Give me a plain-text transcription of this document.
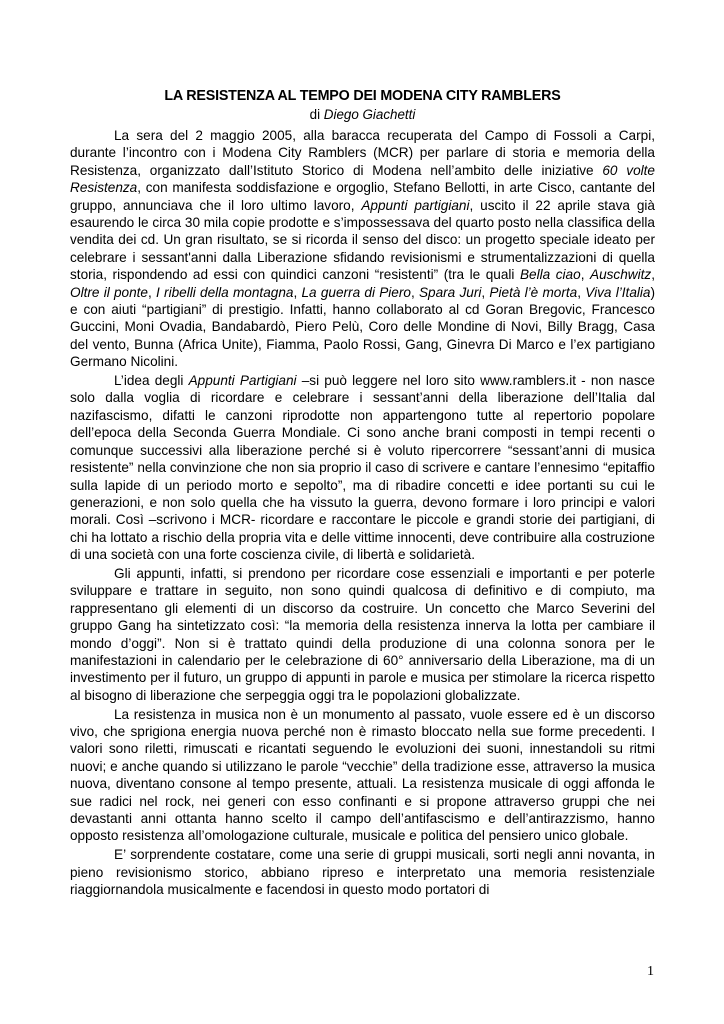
LA RESISTENZA AL TEMPO DEI MODENA CITY RAMBLERS
di Diego Giachetti

La sera del 2 maggio 2005, alla baracca recuperata del Campo di Fossoli a Carpi, durante l’incontro con i Modena City Ramblers (MCR) per parlare di storia e memoria della Resistenza, organizzato dall’Istituto Storico di Modena nell’ambito delle iniziative 60 volte Resistenza, con manifesta soddisfazione e orgoglio, Stefano Bellotti, in arte Cisco, cantante del gruppo, annunciava che il loro ultimo lavoro, Appunti partigiani, uscito il 22 aprile stava già esaurendo le circa 30 mila copie prodotte e s’impossessava del quarto posto nella classifica della vendita dei cd. Un gran risultato, se si ricorda il senso del disco: un progetto speciale ideato per celebrare i sessant'anni dalla Liberazione sfidando revisionismi e strumentalizzazioni di quella storia, rispondendo ad essi con quindici canzoni “resistenti” (tra le quali Bella ciao, Auschwitz, Oltre il ponte, I ribelli della montagna, La guerra di Piero, Spara Juri, Pietà l’è morta, Viva l’Italia) e con aiuti “partigiani” di prestigio. Infatti, hanno collaborato al cd Goran Bregovic, Francesco Guccini, Moni Ovadia, Bandabardò, Piero Pelù, Coro delle Mondine di Novi, Billy Bragg, Casa del vento, Bunna (Africa Unite), Fiamma, Paolo Rossi, Gang, Ginevra Di Marco e l’ex partigiano Germano Nicolini.

L’idea degli Appunti Partigiani –si può leggere nel loro sito www.ramblers.it - non nasce solo dalla voglia di ricordare e celebrare i sessant’anni della liberazione dell’Italia dal nazifascismo, difatti le canzoni riprodotte non appartengono tutte al repertorio popolare dell’epoca della Seconda Guerra Mondiale. Ci sono anche brani composti in tempi recenti o comunque successivi alla liberazione perché si è voluto ripercorrere “sessant’anni di musica resistente” nella convinzione che non sia proprio il caso di scrivere e cantare l’ennesimo “epitaffio sulla lapide di un periodo morto e sepolto”, ma di ribadire concetti e idee portanti su cui le generazioni, e non solo quella che ha vissuto la guerra, devono formare i loro principi e valori morali. Così –scrivono i MCR- ricordare e raccontare le piccole e grandi storie dei partigiani, di chi ha lottato a rischio della propria vita e delle vittime innocenti, deve contribuire alla costruzione di una società con una forte coscienza civile, di libertà e solidarietà.

Gli appunti, infatti, si prendono per ricordare cose essenziali e importanti e per poterle sviluppare e trattare in seguito, non sono quindi qualcosa di definitivo e di compiuto, ma rappresentano gli elementi di un discorso da costruire. Un concetto che Marco Severini del gruppo Gang ha sintetizzato così: “la memoria della resistenza innerva la lotta per cambiare il mondo d’oggi”. Non si è trattato quindi della produzione di una colonna sonora per le manifestazioni in calendario per le celebrazione di 60° anniversario della Liberazione, ma di un investimento per il futuro, un gruppo di appunti in parole e musica per stimolare la ricerca rispetto al bisogno di liberazione che serpeggia oggi tra le popolazioni globalizzate.

La resistenza in musica non è un monumento al passato, vuole essere ed è un discorso vivo, che sprigiona energia nuova perché non è rimasto bloccato nella sue forme precedenti. I valori sono riletti, rimuscati e ricantati seguendo le evoluzioni dei suoni, innestandoli su ritmi nuovi; e anche quando si utilizzano le parole “vecchie” della tradizione esse, attraverso la musica nuova, diventano consone al tempo presente, attuali. La resistenza musicale di oggi affonda le sue radici nel rock, nei generi con esso confinanti e si propone attraverso gruppi che nei devastanti anni ottanta hanno scelto il campo dell’antifascismo e dell’antirazzismo, hanno opposto resistenza all’omologazione culturale, musicale e politica del pensiero unico globale.

E’ sorprendente costatare, come una serie di gruppi musicali, sorti negli anni novanta, in pieno revisionismo storico, abbiano ripreso e interpretato una memoria resistenziale riaggiornandola musicalmente e facendosi in questo modo portatori di

1
